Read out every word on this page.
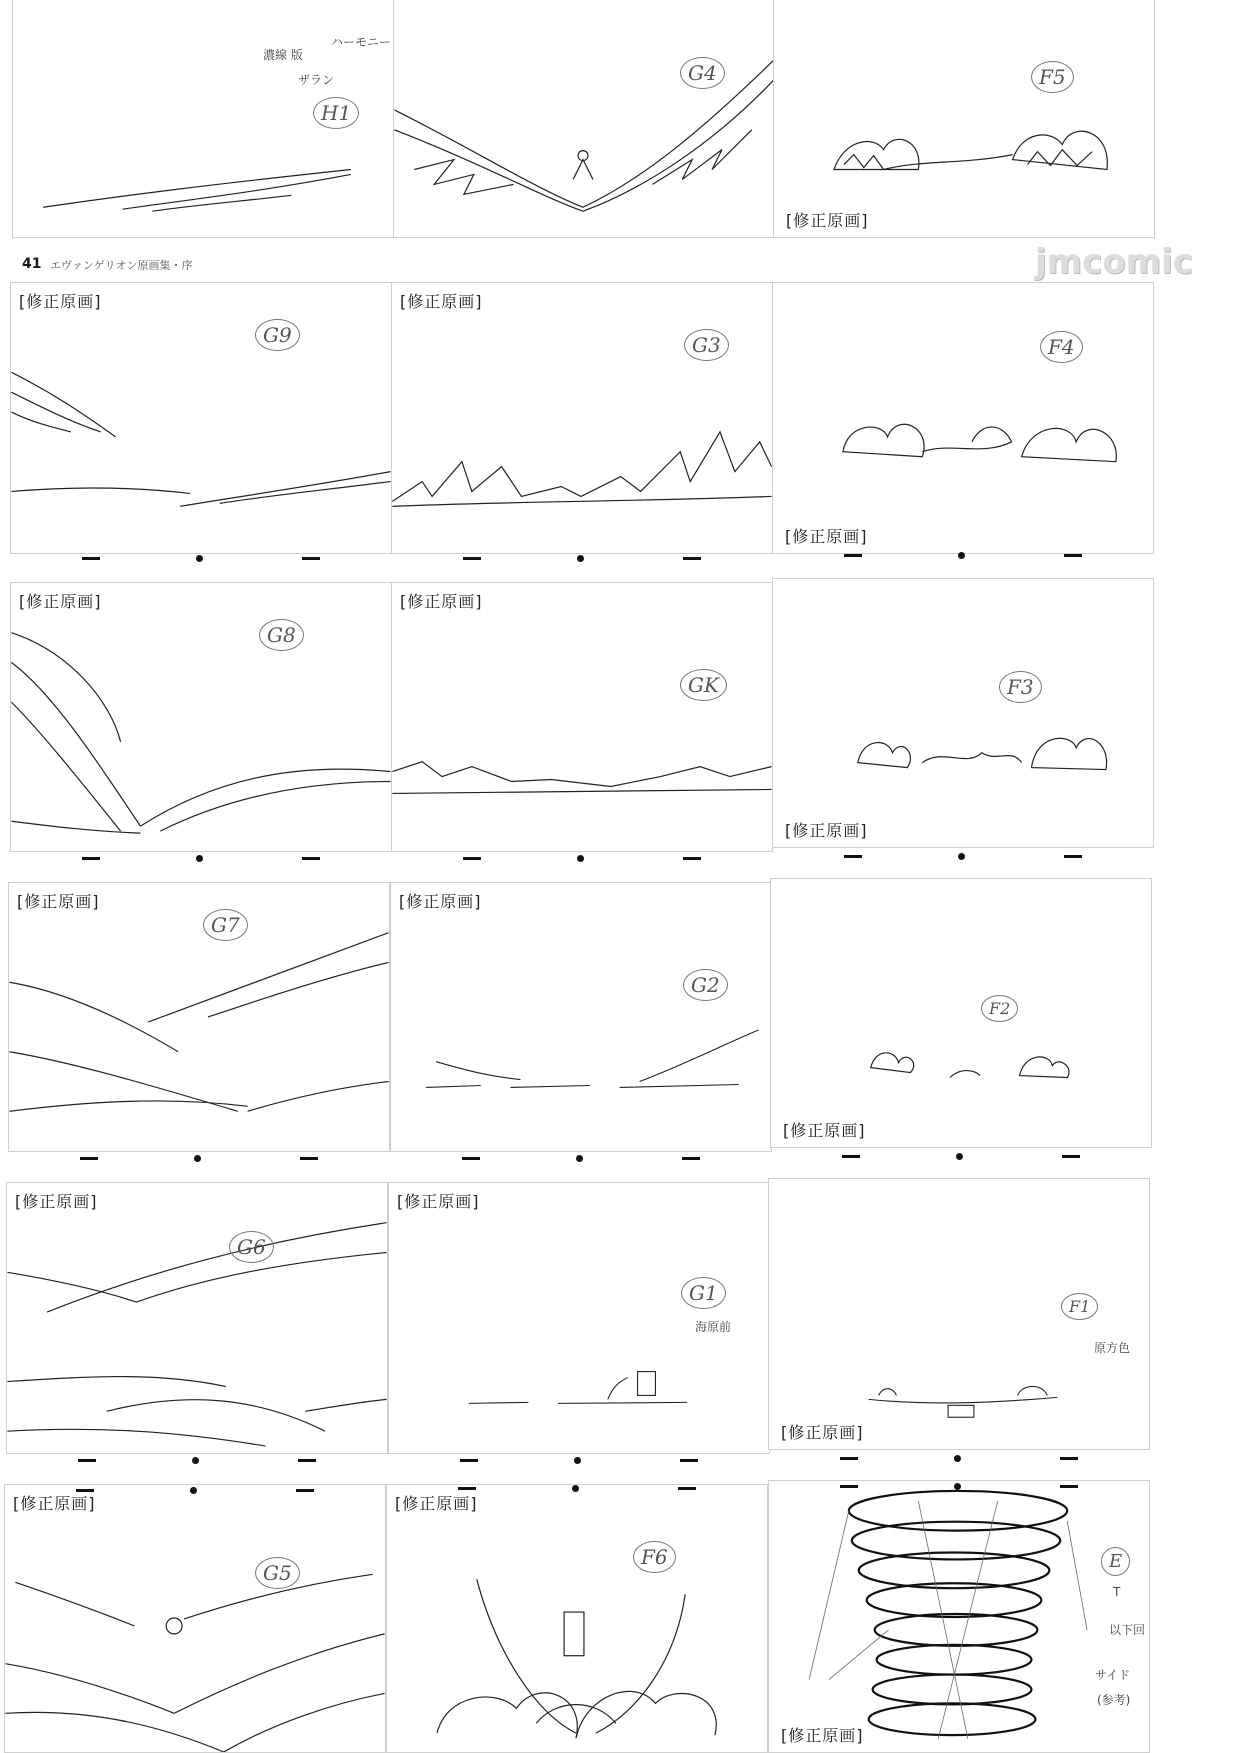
41 エヴァンゲリオン原画集・序	jmcomic
H1
濃線 版
ハーモニー
ザラン	G4	F5
[修正原画]
[修正原画]
G9
[修正原画]
G3	F4
[修正原画]
[修正原画]
G8
[修正原画]
GK	F3
[修正原画]
[修正原画]
G7
[修正原画]
G2
F2
[修正原画]
[修正原画]
G6
[修正原画]
G1
海原前
F1
原方色
[修正原画]
[修正原画]
G5
[修正原画]
F6	E
T
以下回
サイド
(参考)
[修正原画]
